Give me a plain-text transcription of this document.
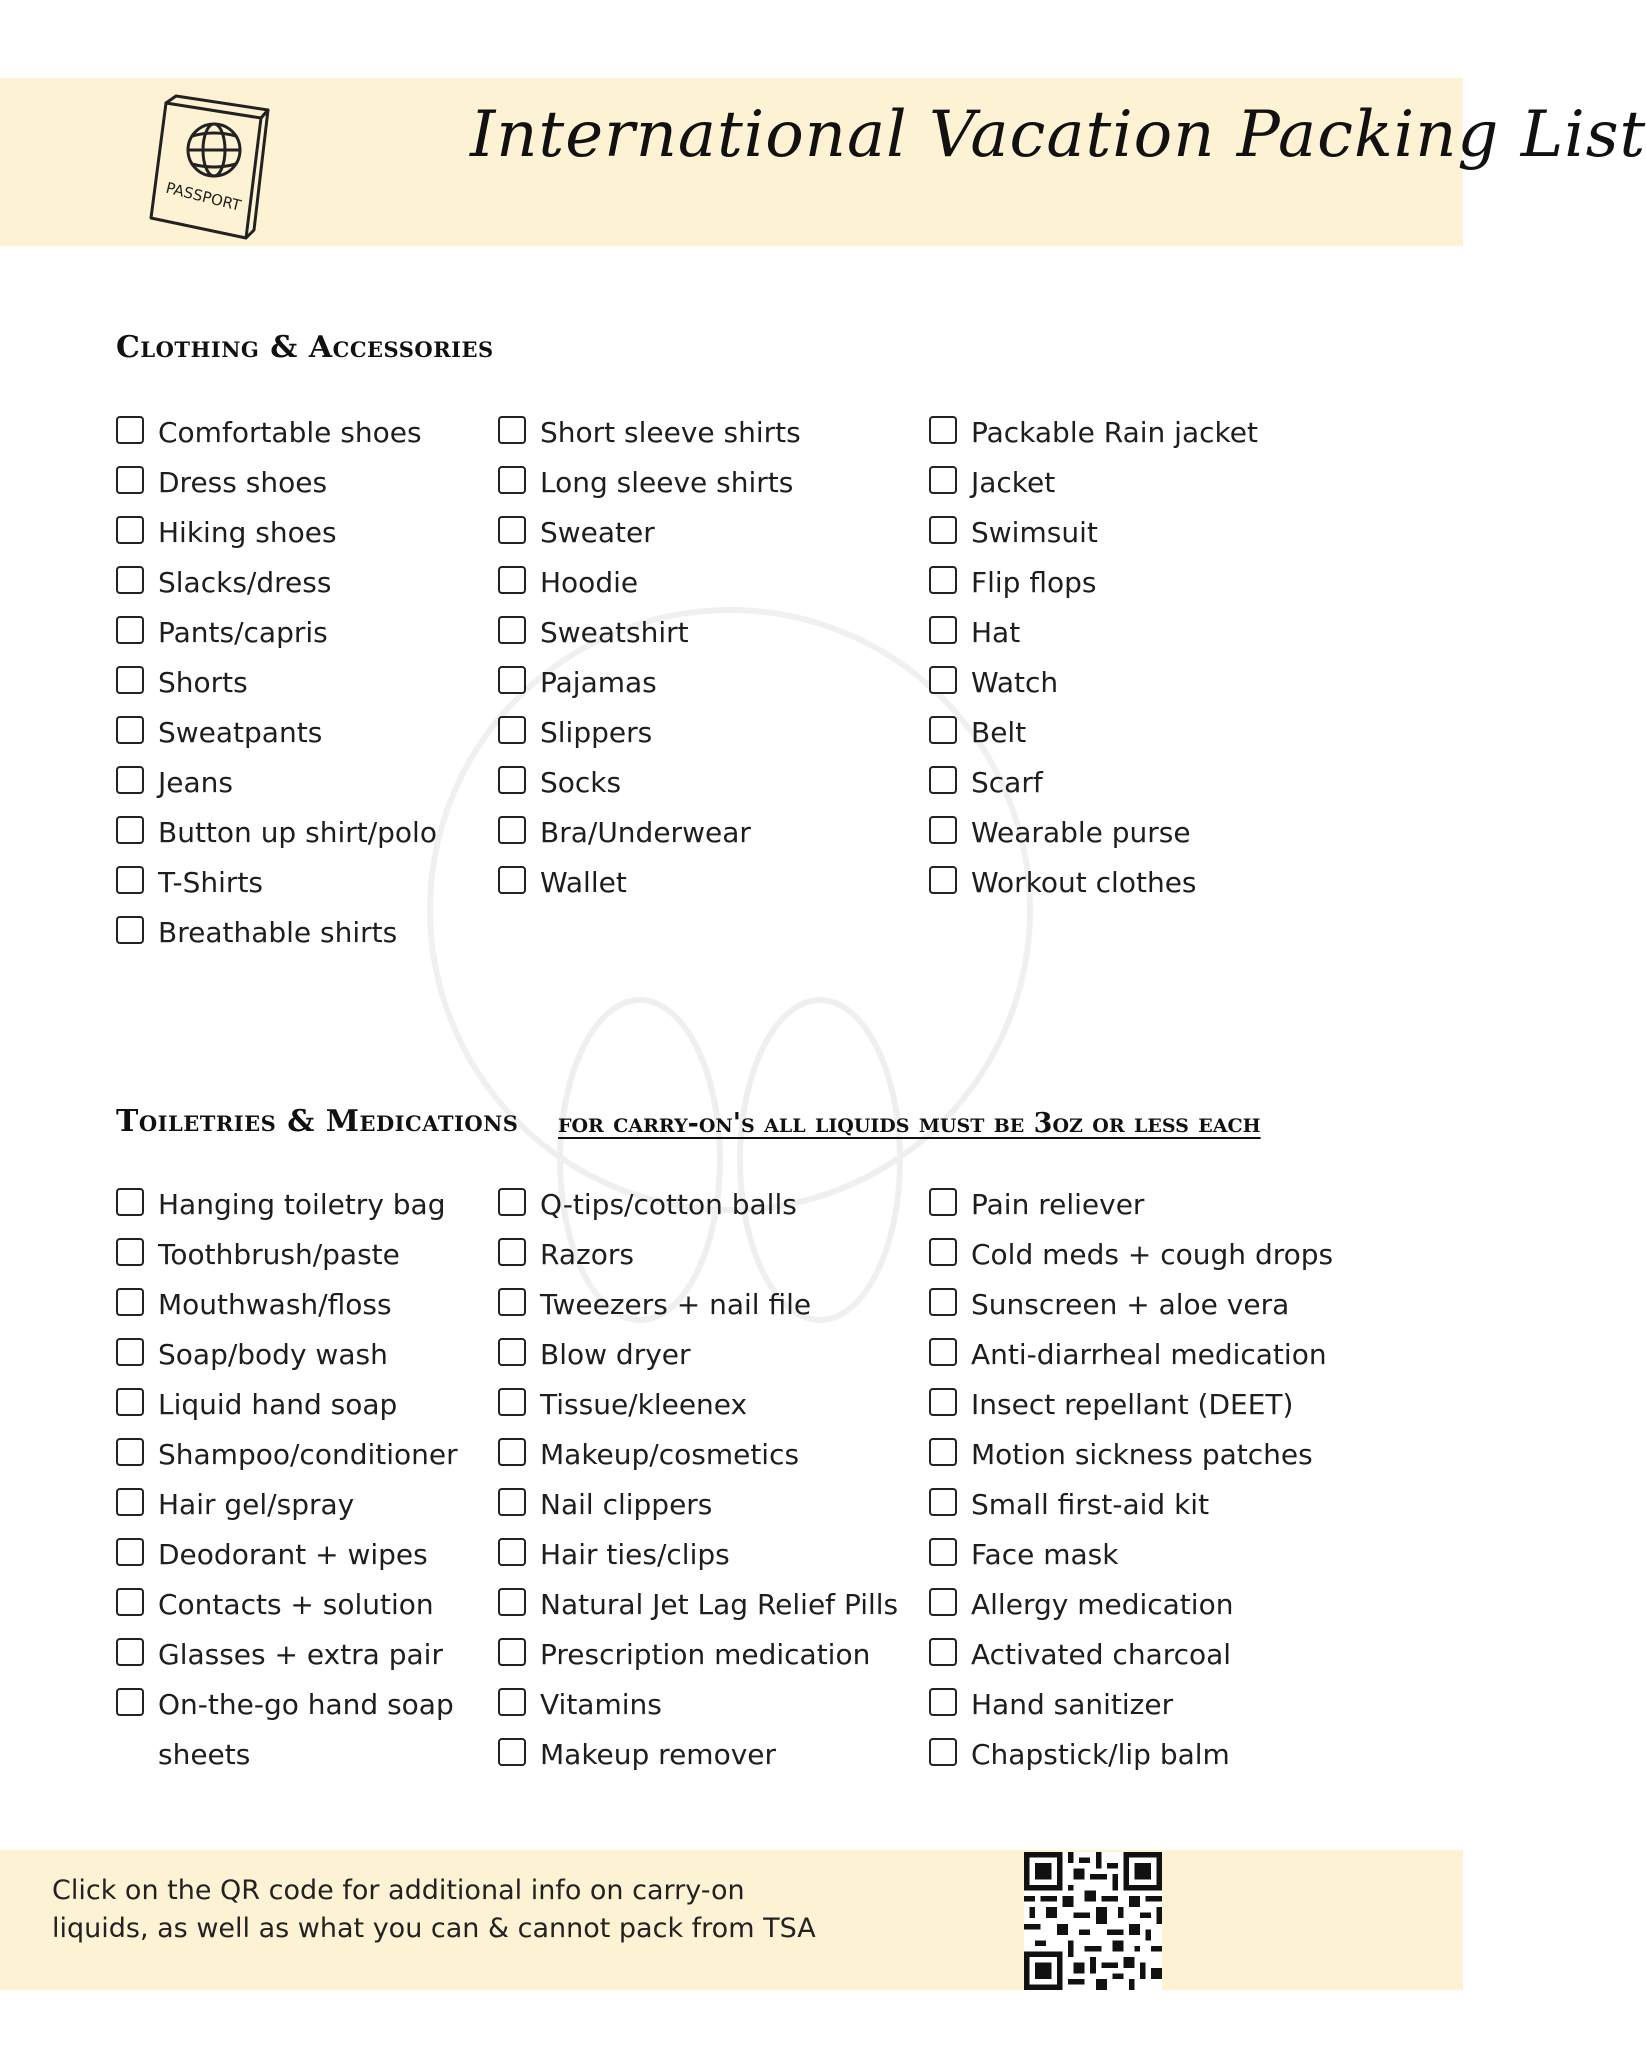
PASSPORT
International Vacation Packing List
Clothing & Accessories
Comfortable shoes
Dress shoes
Hiking shoes
Slacks/dress
Pants/capris
Shorts
Sweatpants
Jeans
Button up shirt/polo
T-Shirts
Breathable shirts
Short sleeve shirts
Long sleeve shirts
Sweater
Hoodie
Sweatshirt
Pajamas
Slippers
Socks
Bra/Underwear
Wallet
Packable Rain jacket
Jacket
Swimsuit
Flip flops
Hat
Watch
Belt
Scarf
Wearable purse
Workout clothes
Toiletries & Medications for carry-on's all liquids must be 3oz or less each
Hanging toiletry bag
Toothbrush/paste
Mouthwash/floss
Soap/body wash
Liquid hand soap
Shampoo/conditioner
Hair gel/spray
Deodorant + wipes
Contacts + solution
Glasses + extra pair
On-the-go hand soap sheets
Q-tips/cotton balls
Razors
Tweezers + nail file
Blow dryer
Tissue/kleenex
Makeup/cosmetics
Nail clippers
Hair ties/clips
Natural Jet Lag Relief Pills
Prescription medication
Vitamins
Makeup remover
Pain reliever
Cold meds + cough drops
Sunscreen + aloe vera
Anti-diarrheal medication
Insect repellant (DEET)
Motion sickness patches
Small first-aid kit
Face mask
Allergy medication
Activated charcoal
Hand sanitizer
Chapstick/lip balm
Click on the QR code for additional info on carry-on
liquids, as well as what you can & cannot pack from TSA
